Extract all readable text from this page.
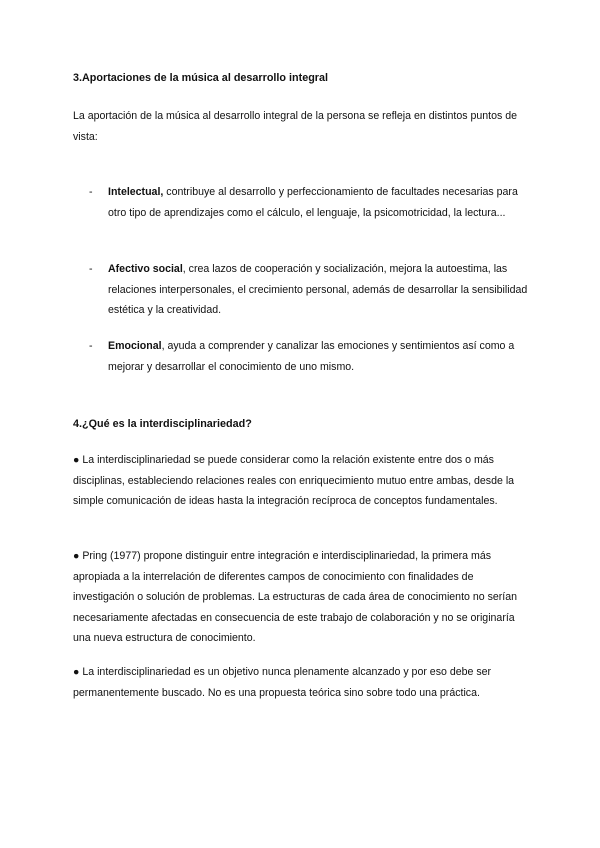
3.Aportaciones de la música al desarrollo integral
La aportación de la música al desarrollo integral de la persona se refleja en distintos puntos de vista:
- Intelectual, contribuye al desarrollo y perfeccionamiento de facultades necesarias para otro tipo de aprendizajes como el cálculo, el lenguaje, la psicomotricidad, la lectura...
- Afectivo social, crea lazos de cooperación y socialización, mejora la autoestima, las relaciones interpersonales, el crecimiento personal, además de desarrollar la sensibilidad estética y la creatividad.
- Emocional, ayuda a comprender y canalizar las emociones y sentimientos así como a mejorar y desarrollar el conocimiento de uno mismo.
4.¿Qué es la interdisciplinariedad?
● La interdisciplinariedad se puede considerar como la relación existente entre dos o más disciplinas, estableciendo relaciones reales con enriquecimiento mutuo entre ambas, desde la simple comunicación de ideas hasta la integración recíproca de conceptos fundamentales.
● Pring (1977) propone distinguir entre integración e interdisciplinariedad, la primera más apropiada a la interrelación de diferentes campos de conocimiento con finalidades de investigación o solución de problemas. La estructuras de cada área de conocimiento no serían necesariamente afectadas en consecuencia de este trabajo de colaboración y no se originaría una nueva estructura de conocimiento.
● La interdisciplinariedad es un objetivo nunca plenamente alcanzado y por eso debe ser permanentemente buscado. No es una propuesta teórica sino sobre todo una práctica.
